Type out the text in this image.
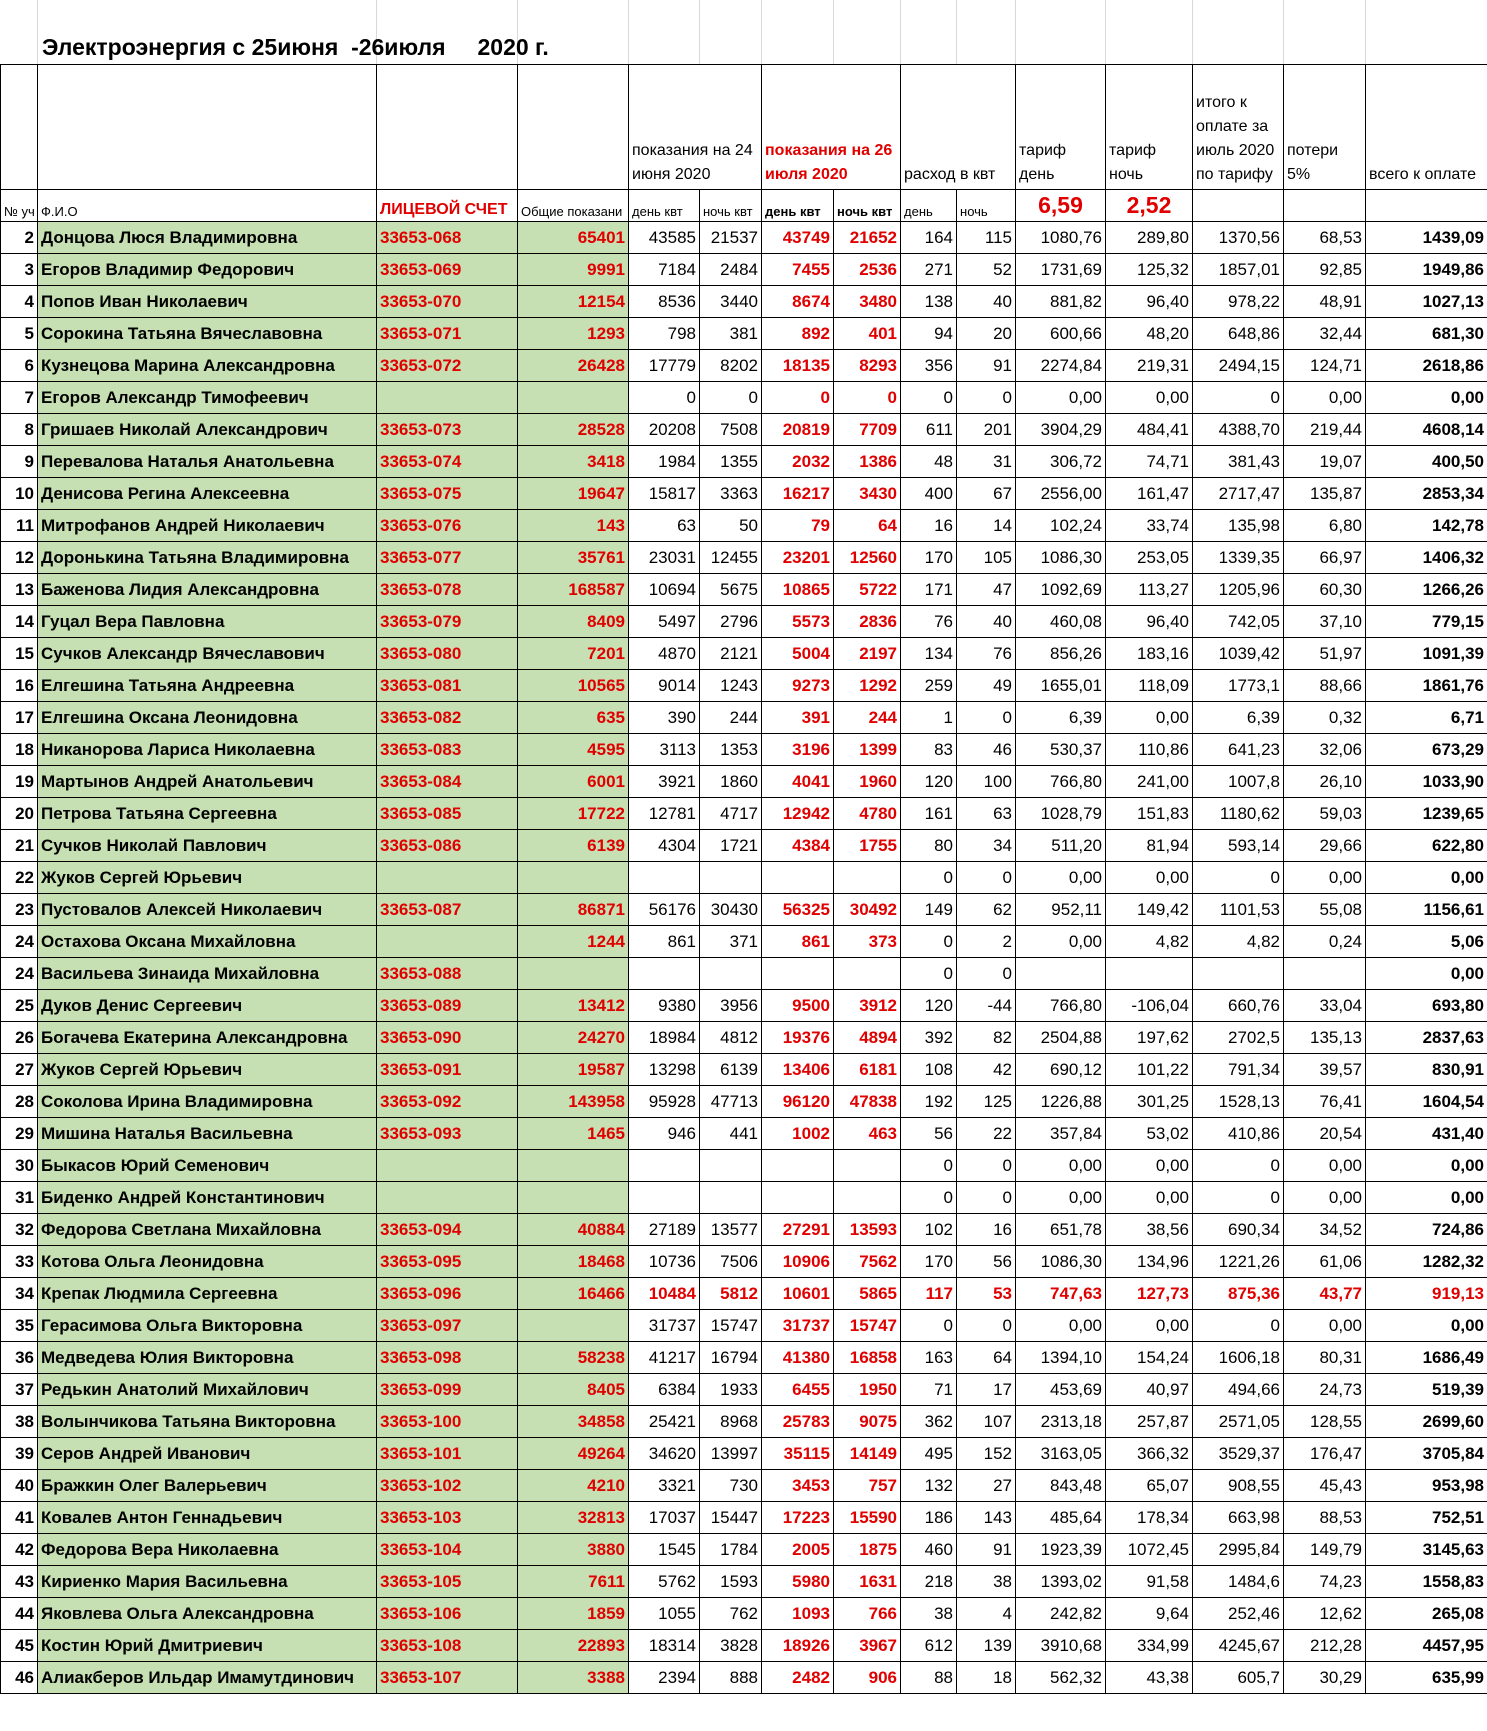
Электроэнергия с 25июня  -26июля     2020 г.
				показания на 24 июня 2020		показания на 26 июля 2020		расход в квт		тариф день	тариф ночь	итого к оплате за июль 2020 по тарифу	потери 5%	всего к оплате
№ уч	Ф.И.О	ЛИЦЕВОЙ СЧЕТ	Общие показани	день квт	ночь квт	день квт	ночь квт	день	ночь	6,59	2,52			
2	Донцова Люся Владимировна	33653-068	65401	43585	21537	43749	21652	164	115	1080,76	289,80	1370,56	68,53	1439,09
3	Егоров Владимир Федорович	33653-069	9991	7184	2484	7455	2536	271	52	1731,69	125,32	1857,01	92,85	1949,86
4	Попов Иван Николаевич	33653-070	12154	8536	3440	8674	3480	138	40	881,82	96,40	978,22	48,91	1027,13
5	Сорокина Татьяна Вячеславовна	33653-071	1293	798	381	892	401	94	20	600,66	48,20	648,86	32,44	681,30
6	Кузнецова Марина Александровна	33653-072	26428	17779	8202	18135	8293	356	91	2274,84	219,31	2494,15	124,71	2618,86
7	Егоров Александр Тимофеевич			0	0	0	0	0	0	0,00	0,00	0	0,00	0,00
8	Гришаев Николай Александрович	33653-073	28528	20208	7508	20819	7709	611	201	3904,29	484,41	4388,70	219,44	4608,14
9	Перевалова Наталья Анатольевна	33653-074	3418	1984	1355	2032	1386	48	31	306,72	74,71	381,43	19,07	400,50
10	Денисова Регина Алексеевна	33653-075	19647	15817	3363	16217	3430	400	67	2556,00	161,47	2717,47	135,87	2853,34
11	Митрофанов Андрей Николаевич	33653-076	143	63	50	79	64	16	14	102,24	33,74	135,98	6,80	142,78
12	Доронькина Татьяна Владимировна	33653-077	35761	23031	12455	23201	12560	170	105	1086,30	253,05	1339,35	66,97	1406,32
13	Баженова Лидия Александровна	33653-078	168587	10694	5675	10865	5722	171	47	1092,69	113,27	1205,96	60,30	1266,26
14	Гуцал Вера Павловна	33653-079	8409	5497	2796	5573	2836	76	40	460,08	96,40	742,05	37,10	779,15
15	Сучков Александр Вячеславович	33653-080	7201	4870	2121	5004	2197	134	76	856,26	183,16	1039,42	51,97	1091,39
16	Елгешина Татьяна Андреевна	33653-081	10565	9014	1243	9273	1292	259	49	1655,01	118,09	1773,1	88,66	1861,76
17	Елгешина Оксана Леонидовна	33653-082	635	390	244	391	244	1	0	6,39	0,00	6,39	0,32	6,71
18	Никанорова Лариса Николаевна	33653-083	4595	3113	1353	3196	1399	83	46	530,37	110,86	641,23	32,06	673,29
19	Мартынов Андрей Анатольевич	33653-084	6001	3921	1860	4041	1960	120	100	766,80	241,00	1007,8	26,10	1033,90
20	Петрова Татьяна Сергеевна	33653-085	17722	12781	4717	12942	4780	161	63	1028,79	151,83	1180,62	59,03	1239,65
21	Сучков Николай Павлович	33653-086	6139	4304	1721	4384	1755	80	34	511,20	81,94	593,14	29,66	622,80
22	Жуков Сергей Юрьевич							0	0	0,00	0,00	0	0,00	0,00
23	Пустовалов Алексей Николаевич	33653-087	86871	56176	30430	56325	30492	149	62	952,11	149,42	1101,53	55,08	1156,61
24	Остахова Оксана Михайловна		1244	861	371	861	373	0	2	0,00	4,82	4,82	0,24	5,06
24	Васильева Зинаида Михайловна	33653-088						0	0					0,00
25	Дуков Денис Сергеевич	33653-089	13412	9380	3956	9500	3912	120	-44	766,80	-106,04	660,76	33,04	693,80
26	Богачева Екатерина Александровна	33653-090	24270	18984	4812	19376	4894	392	82	2504,88	197,62	2702,5	135,13	2837,63
27	Жуков Сергей Юрьевич	33653-091	19587	13298	6139	13406	6181	108	42	690,12	101,22	791,34	39,57	830,91
28	Соколова Ирина Владимировна	33653-092	143958	95928	47713	96120	47838	192	125	1226,88	301,25	1528,13	76,41	1604,54
29	Мишина Наталья Васильевна	33653-093	1465	946	441	1002	463	56	22	357,84	53,02	410,86	20,54	431,40
30	Быкасов Юрий Семенович							0	0	0,00	0,00	0	0,00	0,00
31	Биденко Андрей Константинович							0	0	0,00	0,00	0	0,00	0,00
32	Федорова Светлана Михайловна	33653-094	40884	27189	13577	27291	13593	102	16	651,78	38,56	690,34	34,52	724,86
33	Котова Ольга Леонидовна	33653-095	18468	10736	7506	10906	7562	170	56	1086,30	134,96	1221,26	61,06	1282,32
34	Крепак Людмила Сергеевна	33653-096	16466	10484	5812	10601	5865	117	53	747,63	127,73	875,36	43,77	919,13
35	Герасимова Ольга Викторовна	33653-097		31737	15747	31737	15747	0	0	0,00	0,00	0	0,00	0,00
36	Медведева Юлия Викторовна	33653-098	58238	41217	16794	41380	16858	163	64	1394,10	154,24	1606,18	80,31	1686,49
37	Редькин Анатолий Михайлович	33653-099	8405	6384	1933	6455	1950	71	17	453,69	40,97	494,66	24,73	519,39
38	Волынчикова Татьяна Викторовна	33653-100	34858	25421	8968	25783	9075	362	107	2313,18	257,87	2571,05	128,55	2699,60
39	Серов Андрей Иванович	33653-101	49264	34620	13997	35115	14149	495	152	3163,05	366,32	3529,37	176,47	3705,84
40	Бражкин Олег Валерьевич	33653-102	4210	3321	730	3453	757	132	27	843,48	65,07	908,55	45,43	953,98
41	Ковалев Антон Геннадьевич	33653-103	32813	17037	15447	17223	15590	186	143	485,64	178,34	663,98	88,53	752,51
42	Федорова Вера Николаевна	33653-104	3880	1545	1784	2005	1875	460	91	1923,39	1072,45	2995,84	149,79	3145,63
43	Кириенко Мария Васильевна	33653-105	7611	5762	1593	5980	1631	218	38	1393,02	91,58	1484,6	74,23	1558,83
44	Яковлева Ольга Александровна	33653-106	1859	1055	762	1093	766	38	4	242,82	9,64	252,46	12,62	265,08
45	Костин Юрий Дмитриевич	33653-108	22893	18314	3828	18926	3967	612	139	3910,68	334,99	4245,67	212,28	4457,95
46	Алиакберов Ильдар Имамутдинович	33653-107	3388	2394	888	2482	906	88	18	562,32	43,38	605,7	30,29	635,99
